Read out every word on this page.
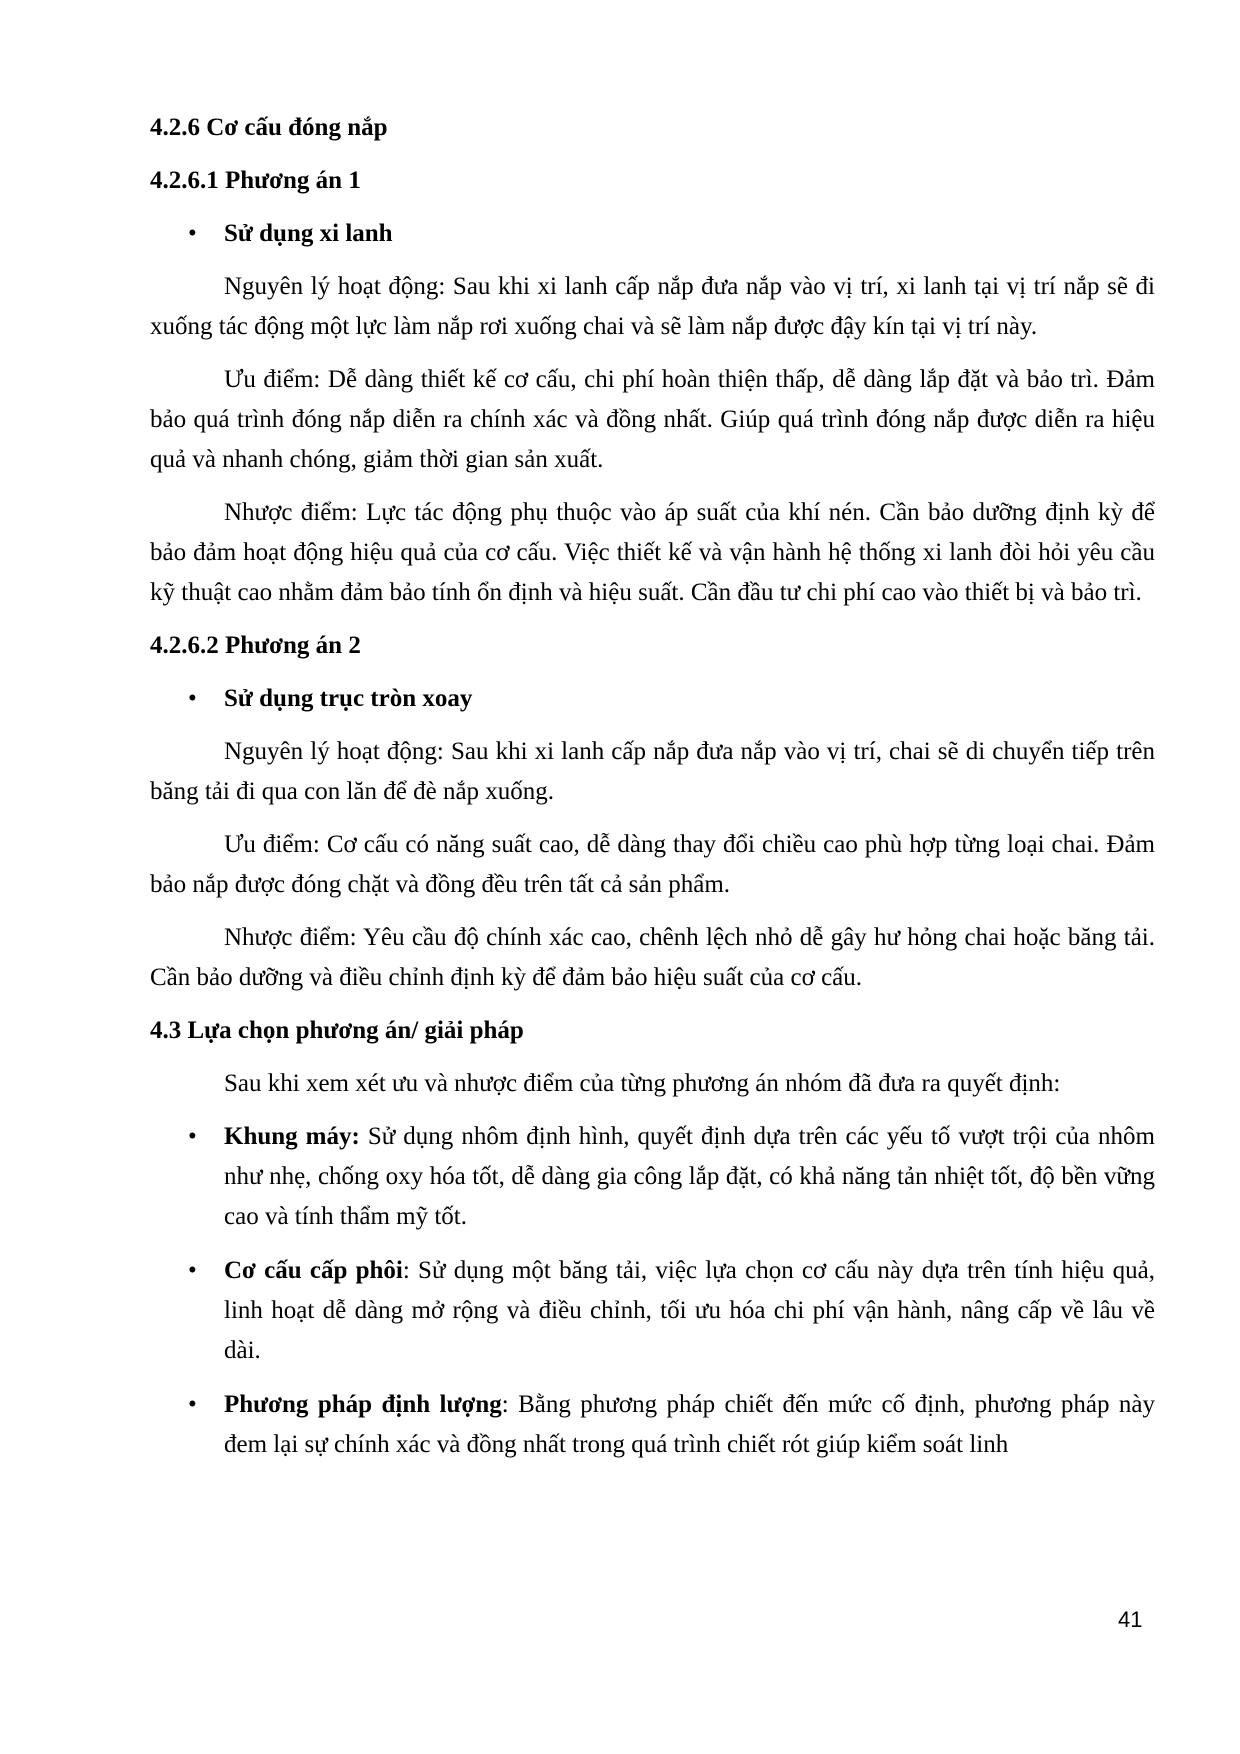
4.2.6 Cơ cấu đóng nắp
4.2.6.1 Phương án 1
• Sử dụng xi lanh

Nguyên lý hoạt động: Sau khi xi lanh cấp nắp đưa nắp vào vị trí, xi lanh tại vị trí nắp sẽ đi xuống tác động một lực làm nắp rơi xuống chai và sẽ làm nắp được đậy kín tại vị trí này.

Ưu điểm: Dễ dàng thiết kế cơ cấu, chi phí hoàn thiện thấp, dễ dàng lắp đặt và bảo trì. Đảm bảo quá trình đóng nắp diễn ra chính xác và đồng nhất. Giúp quá trình đóng nắp được diễn ra hiệu quả và nhanh chóng, giảm thời gian sản xuất.

Nhược điểm: Lực tác động phụ thuộc vào áp suất của khí nén. Cần bảo dưỡng định kỳ để bảo đảm hoạt động hiệu quả của cơ cấu. Việc thiết kế và vận hành hệ thống xi lanh đòi hỏi yêu cầu kỹ thuật cao nhằm đảm bảo tính ổn định và hiệu suất. Cần đầu tư chi phí cao vào thiết bị và bảo trì.

4.2.6.2 Phương án 2
• Sử dụng trục tròn xoay

Nguyên lý hoạt động: Sau khi xi lanh cấp nắp đưa nắp vào vị trí, chai sẽ di chuyển tiếp trên băng tải đi qua con lăn để đè nắp xuống.

Ưu điểm: Cơ cấu có năng suất cao, dễ dàng thay đổi chiều cao phù hợp từng loại chai. Đảm bảo nắp được đóng chặt và đồng đều trên tất cả sản phẩm.

Nhược điểm: Yêu cầu độ chính xác cao, chênh lệch nhỏ dễ gây hư hỏng chai hoặc băng tải. Cần bảo dưỡng và điều chỉnh định kỳ để đảm bảo hiệu suất của cơ cấu.

4.3 Lựa chọn phương án/ giải pháp

Sau khi xem xét ưu và nhược điểm của từng phương án nhóm đã đưa ra quyết định:

• Khung máy: Sử dụng nhôm định hình, quyết định dựa trên các yếu tố vượt trội của nhôm như nhẹ, chống oxy hóa tốt, dễ dàng gia công lắp đặt, có khả năng tản nhiệt tốt, độ bền vững cao và tính thẩm mỹ tốt.
• Cơ cấu cấp phôi: Sử dụng một băng tải, việc lựa chọn cơ cấu này dựa trên tính hiệu quả, linh hoạt dễ dàng mở rộng và điều chỉnh, tối ưu hóa chi phí vận hành, nâng cấp về lâu về dài.
• Phương pháp định lượng: Bằng phương pháp chiết đến mức cố định, phương pháp này đem lại sự chính xác và đồng nhất trong quá trình chiết rót giúp kiểm soát linh
41
